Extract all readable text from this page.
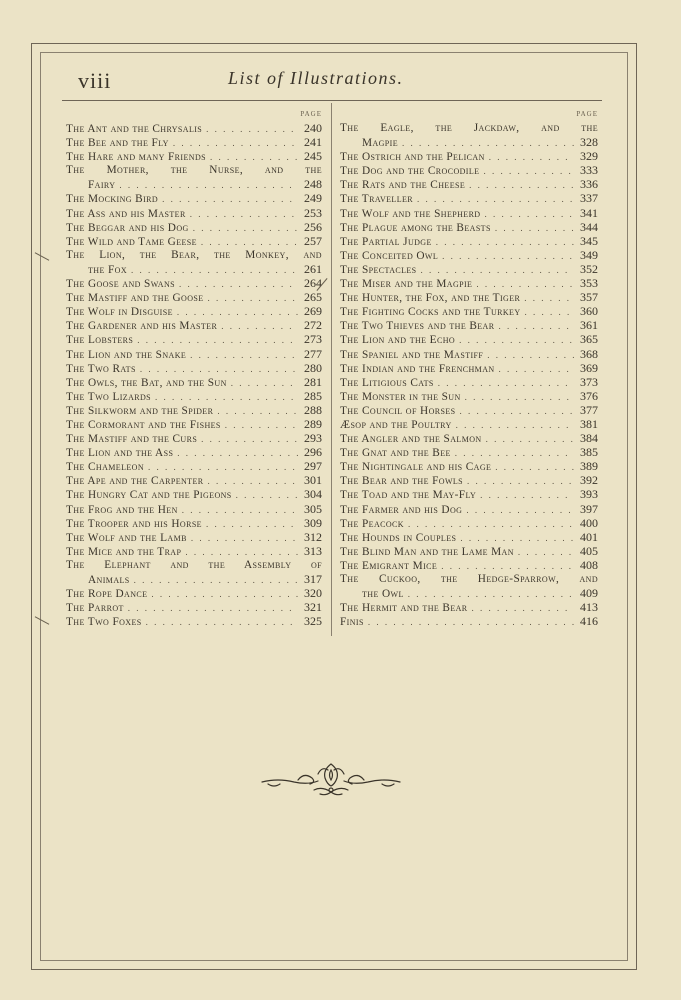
viii	List of Illustrations.
PAGE
The Ant and the Chrysalis . . .	240
The Bee and the Fly . . .	241
The Hare and many Friends . . .	245
The Mother, the Nurse, and the
Fairy . . .	248
The Mocking Bird . . .	249
The Ass and his Master . . .	253
The Beggar and his Dog . . .	256
The Wild and Tame Geese . . .	257
The Lion, the Bear, the Monkey, and
the Fox . . .	261
The Goose and Swans . . .	264
The Mastiff and the Goose . . .	265
The Wolf in Disguise . . .	269
The Gardener and his Master . . .	272
The Lobsters . . .	273
The Lion and the Snake . . .	277
The Two Rats . . .	280
The Owls, the Bat, and the Sun . . .	281
The Two Lizards . . .	285
The Silkworm and the Spider . . .	288
The Cormorant and the Fishes . . .	289
The Mastiff and the Curs . . .	293
The Lion and the Ass . . .	296
The Chameleon . . .	297
The Ape and the Carpenter . . .	301
The Hungry Cat and the Pigeons . . .	304
The Frog and the Hen . . .	305
The Trooper and his Horse . . .	309
The Wolf and the Lamb . . .	312
The Mice and the Trap . . .	313
The Elephant and the Assembly of
Animals . . .	317
The Rope Dance . . .	320
The Parrot . . .	321
The Two Foxes . . .	325
PAGE
The Eagle, the Jackdaw, and the
Magpie . . .	328
The Ostrich and the Pelican . . .	329
The Dog and the Crocodile . . .	333
The Rats and the Cheese . . .	336
The Traveller . . .	337
The Wolf and the Shepherd . . .	341
The Plague among the Beasts . . .	344
The Partial Judge . . .	345
The Conceited Owl . . .	349
The Spectacles . . .	352
The Miser and the Magpie . . .	353
The Hunter, the Fox, and the Tiger . . .	357
The Fighting Cocks and the Turkey . . .	360
The Two Thieves and the Bear . . .	361
The Lion and the Echo . . .	365
The Spaniel and the Mastiff . . .	368
The Indian and the Frenchman . . .	369
The Litigious Cats . . .	373
The Monster in the Sun . . .	376
The Council of Horses . . .	377
Æsop and the Poultry . . .	381
The Angler and the Salmon . . .	384
The Gnat and the Bee . . .	385
The Nightingale and his Cage . . .	389
The Bear and the Fowls . . .	392
The Toad and the May-Fly . . .	393
The Farmer and his Dog . . .	397
The Peacock . . .	400
The Hounds in Couples . . .	401
The Blind Man and the Lame Man . . .	405
The Emigrant Mice . . .	408
The Cuckoo, the Hedge-Sparrow, and
the Owl . . .	409
The Hermit and the Bear . . .	413
Finis . . .	416
